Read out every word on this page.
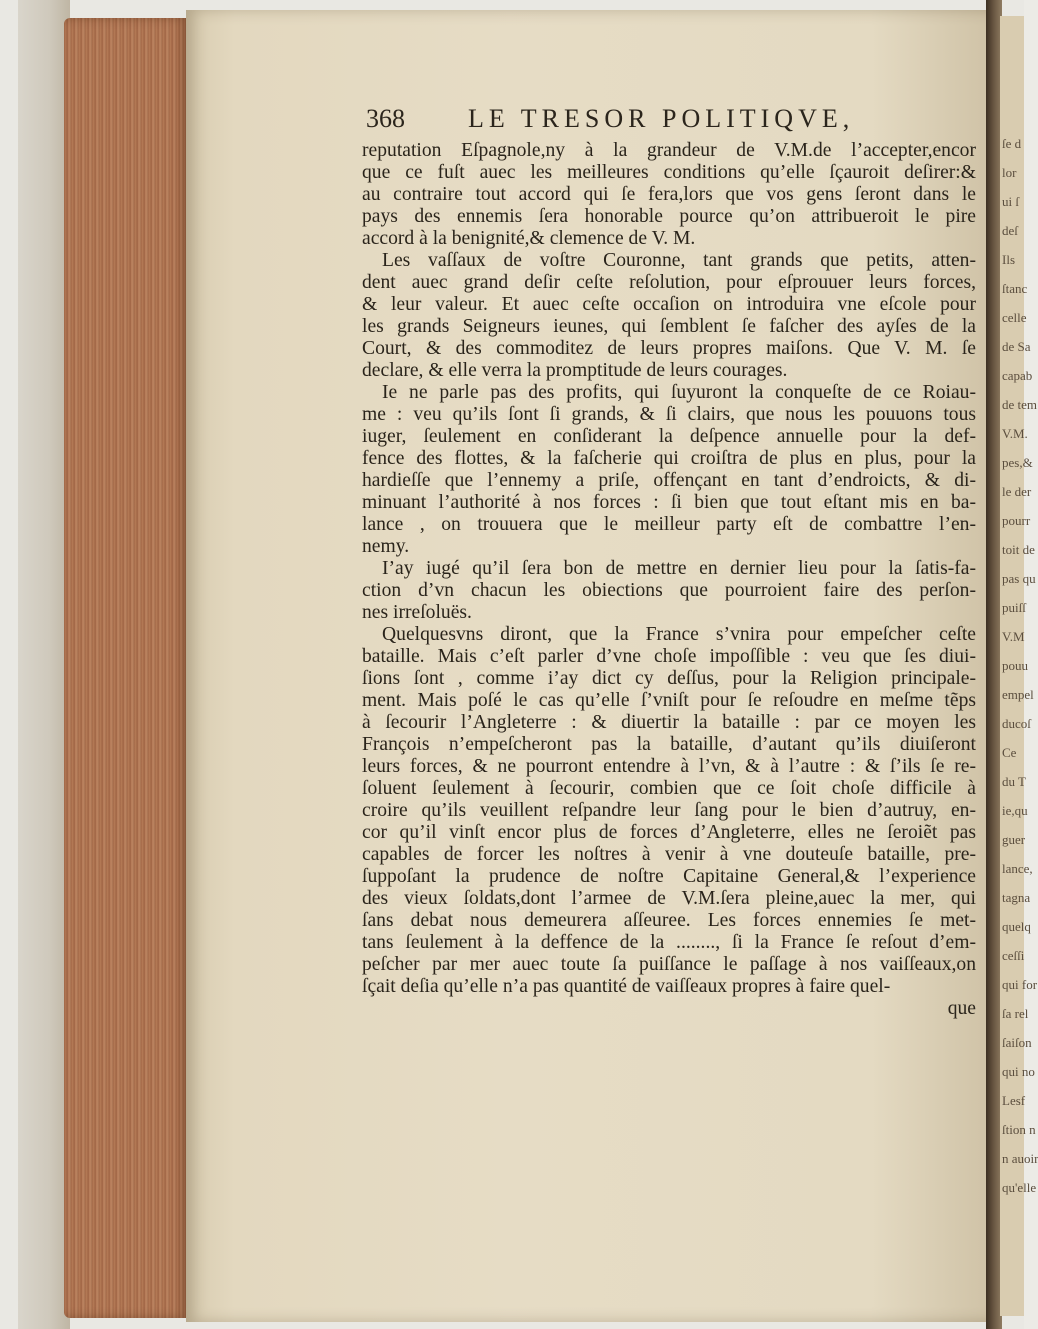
368 LE TRESOR POLITIQVE,
reputation Eſpagnole,ny à la grandeur de V.M.de l’accepter,encor
que ce fuſt auec les meilleures conditions qu’elle ſçauroit deſirer:&
au contraire tout accord qui ſe fera,lors que vos gens ſeront dans le
pays des ennemis ſera honorable pource qu’on attribueroit le pire
accord à la benignité,& clemence de V. M.
Les vaſſaux de voſtre Couronne, tant grands que petits, atten-
dent auec grand deſir ceſte reſolution, pour eſprouuer leurs forces,
& leur valeur. Et auec ceſte occaſion on introduira vne eſcole pour
les grands Seigneurs ieunes, qui ſemblent ſe faſcher des ayſes de la
Court, & des commoditez de leurs propres maiſons. Que V. M. ſe
declare, & elle verra la promptitude de leurs courages.
Ie ne parle pas des profits, qui ſuyuront la conqueſte de ce Roiau-
me : veu qu’ils ſont ſi grands, & ſi clairs, que nous les pouuons tous
iuger, ſeulement en conſiderant la deſpence annuelle pour la def-
fence des flottes, & la faſcherie qui croiſtra de plus en plus, pour la
hardieſſe que l’ennemy a priſe, offençant en tant d’endroicts, & di-
minuant l’authorité à nos forces : ſi bien que tout eſtant mis en ba-
lance , on trouuera que le meilleur party eſt de combattre l’en-
nemy.
I’ay iugé qu’il ſera bon de mettre en dernier lieu pour la ſatis-fa-
ction d’vn chacun les obiections que pourroient faire des perſon-
nes irreſoluës.
Quelquesvns diront, que la France s’vnira pour empeſcher ceſte
bataille. Mais c’eſt parler d’vne choſe impoſſible : veu que ſes diui-
ſions ſont , comme i’ay dict cy deſſus, pour la Religion principale-
ment. Mais poſé le cas qu’elle ſ’vniſt pour ſe reſoudre en meſme tẽps
à ſecourir l’Angleterre : & diuertir la bataille : par ce moyen les
François n’empeſcheront pas la bataille, d’autant qu’ils diuiſeront
leurs forces, & ne pourront entendre à l’vn, & à l’autre : & ſ’ils ſe re-
ſoluent ſeulement à ſecourir, combien que ce ſoit choſe difficile à
croire qu’ils veuillent reſpandre leur ſang pour le bien d’autruy, en-
cor qu’il vinſt encor plus de forces d’Angleterre, elles ne ſeroiẽt pas
capables de forcer les noſtres à venir à vne douteuſe bataille, pre-
ſuppoſant la prudence de noſtre Capitaine General,& l’experience
des vieux ſoldats,dont l’armee de V.M.ſera pleine,auec la mer, qui
ſans debat nous demeurera aſſeuree. Les forces ennemies ſe met-
tans ſeulement à la deffence de la ........, ſi la France ſe reſout d’em-
peſcher par mer auec toute ſa puiſſance le paſſage à nos vaiſſeaux,on
ſçait deſia qu’elle n’a pas quantité de vaiſſeaux propres à faire quel-
que
ſe d
lor
ui ſ
deſ
Ils
ſtanc
celle
de Sa
capab
de tem
V.M.
pes,&
le der
pourr
toit de
pas qu
puiſſ
V.M
pouu
empel
ducoſ
Ce
du T
ie,qu
guer
lance,
tagna
quelq
ceſſi
qui for
ſa rel
ſaiſon
qui no
Lesf
ſtion n
n auoir
qu'elle
